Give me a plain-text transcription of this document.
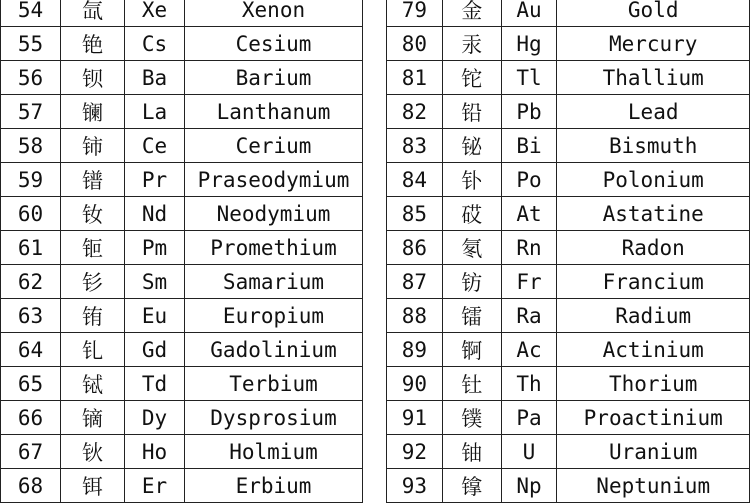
54	氙	Xe	Xenon
55	铯	Cs	Cesium
56	钡	Ba	Barium
57	镧	La	Lanthanum
58	铈	Ce	Cerium
59	镨	Pr	Praseodymium
60	钕	Nd	Neodymium
61	钷	Pm	Promethium
62	钐	Sm	Samarium
63	铕	Eu	Europium
64	钆	Gd	Gadolinium
65	铽	Td	Terbium
66	镝	Dy	Dysprosium
67	钬	Ho	Holmium
68	铒	Er	Erbium
79	金	Au	Gold
80	汞	Hg	Mercury
81	铊	Tl	Thallium
82	铅	Pb	Lead
83	铋	Bi	Bismuth
84	钋	Po	Polonium
85	砹	At	Astatine
86	氡	Rn	Radon
87	钫	Fr	Francium
88	镭	Ra	Radium
89	锕	Ac	Actinium
90	钍	Th	Thorium
91	镤	Pa	Proactinium
92	铀	U	Uranium
93	镎	Np	Neptunium
